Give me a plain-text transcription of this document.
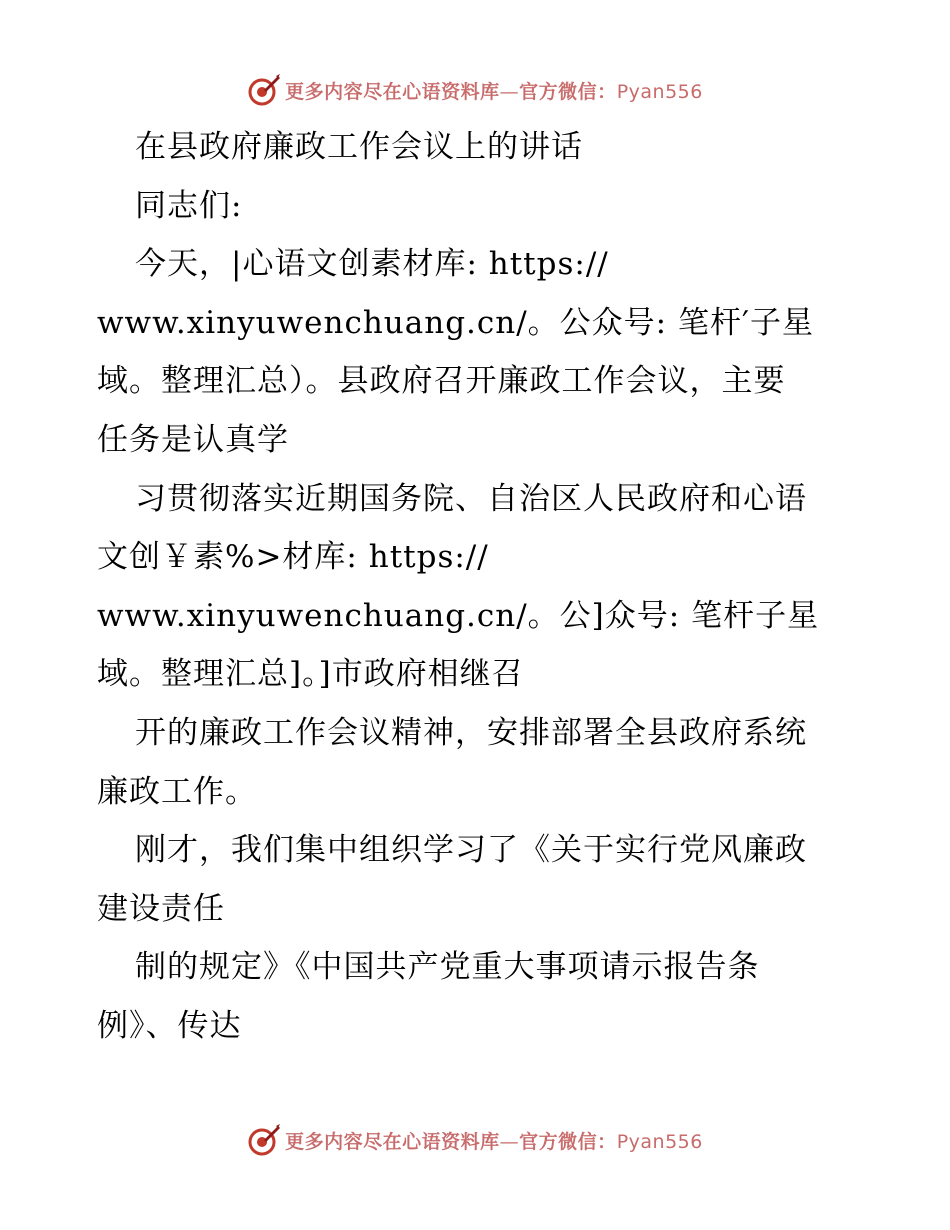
更多内容尽在心语资料库—官方微信：Pyan556
在县政府廉政工作会议上的讲话
同志们:
今天，|心语文创素材库: https://
www.xinyuwenchuang.cn/。公众号: 笔杆′子星
域。整理汇总）。县政府召开廉政工作会议，主要
任务是认真学
习贯彻落实近期国务院、自治区人民政府和心语
文创￥素%>材库: https://
www.xinyuwenchuang.cn/。公]众号: 笔杆子星
域。整理汇总]。]市政府相继召
开的廉政工作会议精神，安排部署全县政府系统
廉政工作。
刚才，我们集中组织学习了《关于实行党风廉政
建设责任
制的规定》《中国共产党重大事项请示报告条
例》、传达
更多内容尽在心语资料库—官方微信：Pyan556
